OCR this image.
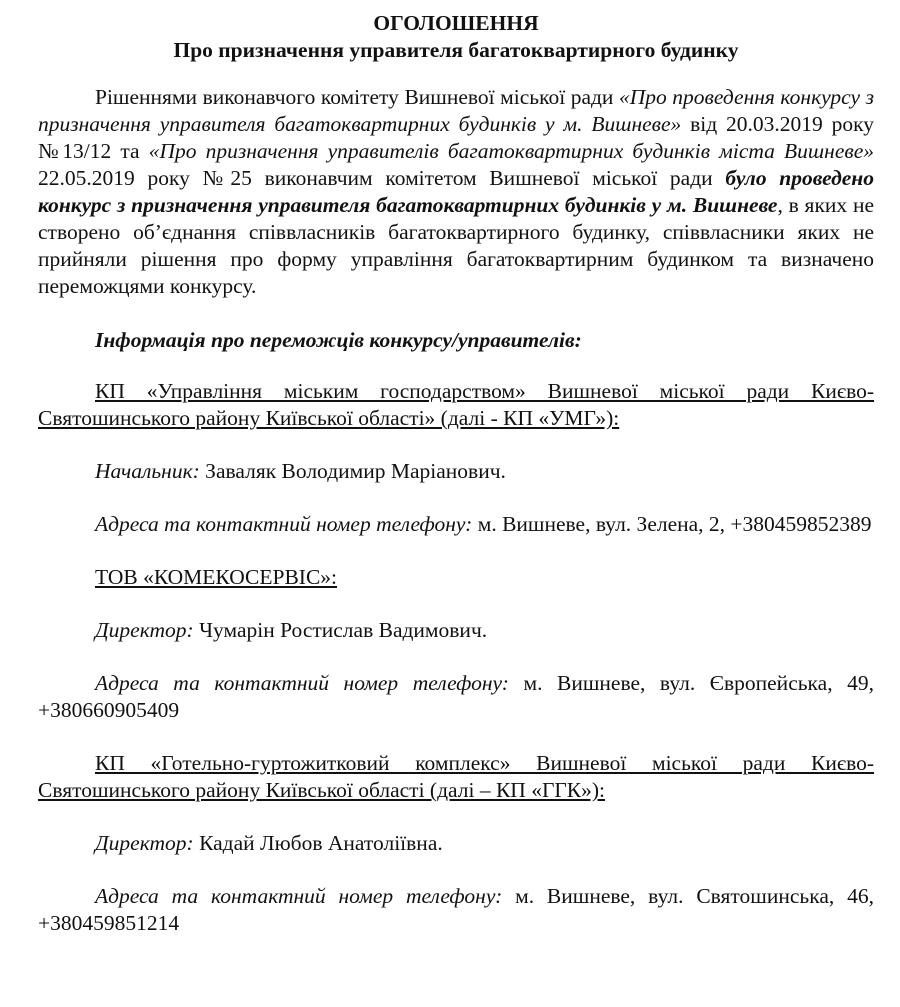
ОГОЛОШЕННЯ
Про призначення управителя багатоквартирного будинку

Рішеннями виконавчого комітету Вишневої міської ради «Про проведення конкурсу з призначення управителя багатоквартирних будинків у м. Вишневе» від 20.03.2019 року №13/12 та «Про призначення управителів багатоквартирних будинків міста Вишневе» 22.05.2019 року №25 виконавчим комітетом Вишневої міської ради було проведено конкурс з призначення управителя багатоквартирних будинків у м. Вишневе, в яких не створено об’єднання співвласників багатоквартирного будинку, співвласники яких не прийняли рішення про форму управління багатоквартирним будинком та визначено переможцями конкурсу.

Інформація про переможців конкурсу/управителів:

КП «Управління міським господарством» Вишневої міської ради Києво-Святошинського району Київської області» (далі - КП «УМГ»):

Начальник: Заваляк Володимир Маріанович.

Адреса та контактний номер телефону: м. Вишневе, вул. Зелена, 2, +380459852389

ТОВ «КОМЕКОСЕРВІС»:

Директор: Чумарін Ростислав Вадимович.

Адреса та контактний номер телефону: м. Вишневе, вул. Європейська, 49, +380660905409

КП «Готельно-гуртожитковий комплекс» Вишневої міської ради Києво-Святошинського району Київської області (далі – КП «ГГК»):

Директор: Кадай Любов Анатоліївна.

Адреса та контактний номер телефону: м. Вишневе, вул. Святошинська, 46, +380459851214
